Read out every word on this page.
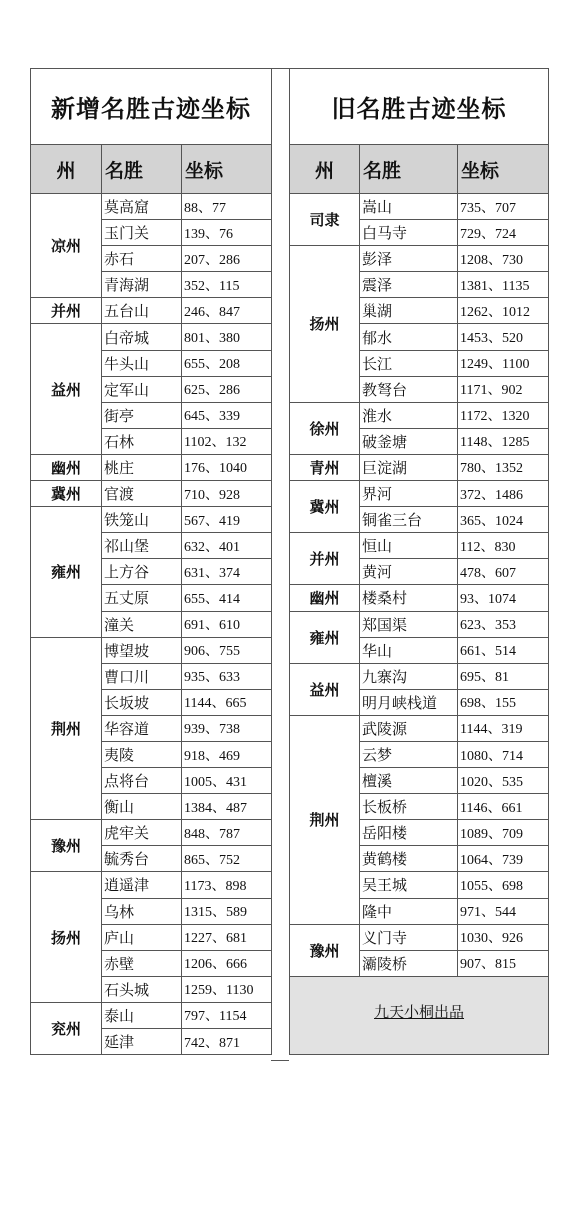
新增名胜古迹坐标		
州	名胜	坐标
凉州	莫高窟	88、77
	玉门关	139、76
	赤石	207、286
	青海湖	352、115
并州	五台山	246、847
益州	白帝城	801、380
	牛头山	655、208
	定军山	625、286
	街亭	645、339
	石林	1102、132
幽州	桃庄	176、1040
冀州	官渡	710、928
雍州	铁笼山	567、419
	祁山堡	632、401
	上方谷	631、374
	五丈原	655、414
	潼关	691、610
荆州	博望坡	906、755
	曹口川	935、633
	长坂坡	1144、665
	华容道	939、738
	夷陵	918、469
	点将台	1005、431
	衡山	1384、487
豫州	虎牢关	848、787
	毓秀台	865、752
扬州	逍遥津	1173、898
	乌林	1315、589
	庐山	1227、681
	赤壁	1206、666
	石头城	1259、1130
兖州	泰山	797、1154
	延津	742、871
旧名胜古迹坐标		
州	名胜	坐标
司隶	嵩山	735、707
	白马寺	729、724
扬州	彭泽	1208、730
	震泽	1381、1135
	巢湖	1262、1012
	郁水	1453、520
	长江	1249、1100
	教弩台	1171、902
徐州	淮水	1172、1320
	破釜塘	1148、1285
青州	巨淀湖	780、1352
冀州	界河	372、1486
	铜雀三台	365、1024
并州	恒山	112、830
	黄河	478、607
幽州	楼桑村	93、1074
雍州	郑国渠	623、353
	华山	661、514
益州	九寨沟	695、81
	明月峡栈道	698、155
荆州	武陵源	1144、319
	云梦	1080、714
	檀溪	1020、535
	长板桥	1146、661
	岳阳楼	1089、709
	黄鹤楼	1064、739
	吴王城	1055、698
	隆中	971、544
豫州	义门寺	1030、926
	灞陵桥	907、815
九天小桐出品		
